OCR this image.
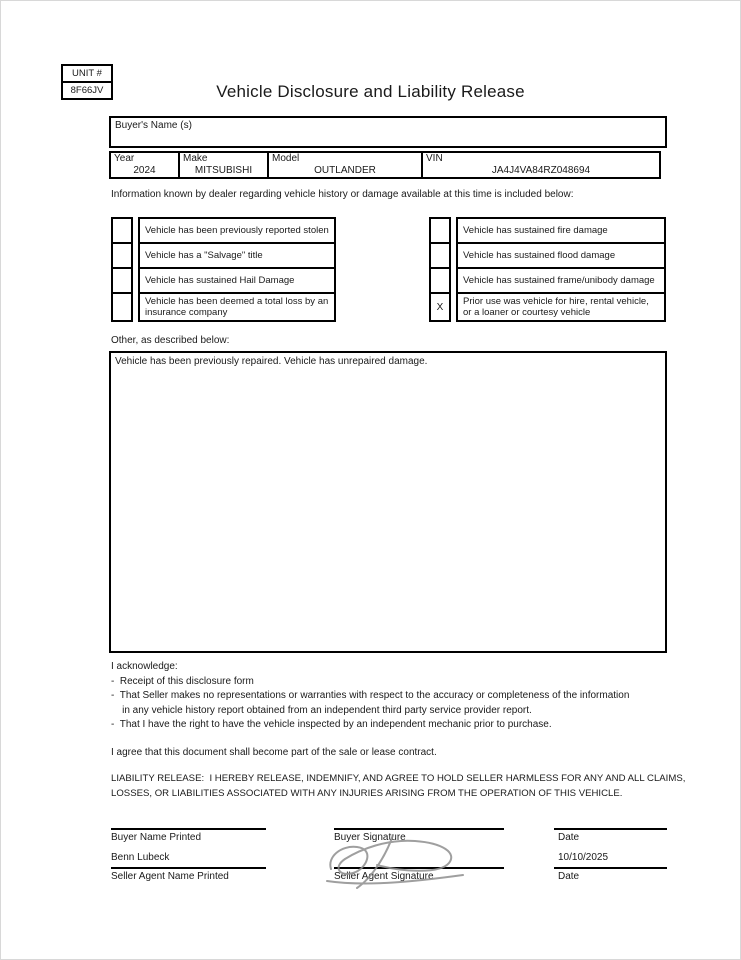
UNIT #
8F66JV	Vehicle Disclosure and Liability Release
Buyer's Name (s)
Year
2024
Make
MITSUBISHI
Model
OUTLANDER
VIN
JA4J4VA84RZ048694
Information known by dealer regarding vehicle history or damage available at this time is included below:
Vehicle has been previously reported stolen
Vehicle has a "Salvage" title
Vehicle has sustained Hail Damage
Vehicle has been deemed a total loss by an insurance company
Vehicle has sustained fire damage
Vehicle has sustained flood damage
Vehicle has sustained frame/unibody damage
X	Prior use was vehicle for hire, rental vehicle, or a loaner or courtesy vehicle
Other, as described below:
Vehicle has been previously repaired. Vehicle has unrepaired damage.
I acknowledge:
-  Receipt of this disclosure form
-  That Seller makes no representations or warranties with respect to the accuracy or completeness of the information
in any vehicle history report obtained from an independent third party service provider report.
-  That I have the right to have the vehicle inspected by an independent mechanic prior to purchase.
I agree that this document shall become part of the sale or lease contract.
LIABILITY RELEASE:  I HEREBY RELEASE, INDEMNIFY, AND AGREE TO HOLD SELLER HARMLESS FOR ANY AND ALL CLAIMS,
LOSSES, OR LIABILITIES ASSOCIATED WITH ANY INJURIES ARISING FROM THE OPERATION OF THIS VEHICLE.
Buyer Name Printed	Buyer Signature	Date
Benn Lubeck	10/10/2025
Seller Agent Name Printed	Seller Agent Signature	Date
